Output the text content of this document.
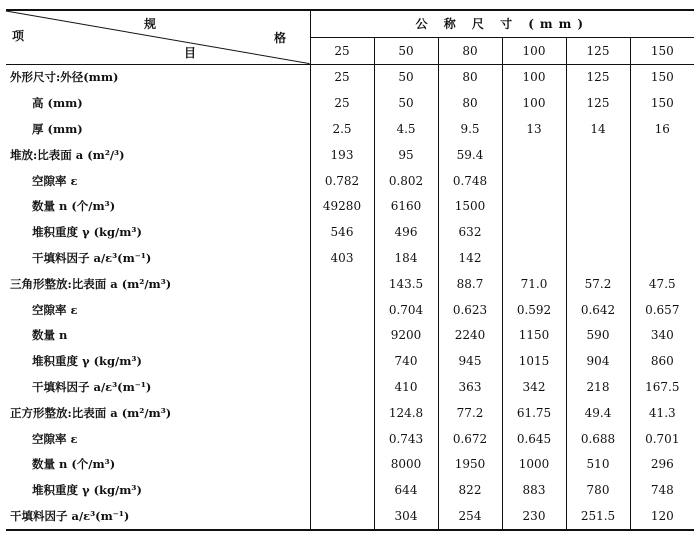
项
规
格
目	公 称 尺 寸 (mm)					
	25	50	80	100	125	150
外形尺寸:外径(mm)	25	50	80	100	125	150
高 (mm)	25	50	80	100	125	150
厚 (mm)	2.5	4.5	9.5	13	14	16
堆放:比表面 a (m²/³)	193	95	59.4			
空隙率 ε	0.782	0.802	0.748			
数量 n (个/m³)	49280	6160	1500			
堆积重度 γ (kg/m³)	546	496	632			
干填料因子 a/ε³(m⁻¹)	403	184	142			
三角形整放:比表面 a (m²/m³)		143.5	88.7	71.0	57.2	47.5
空隙率 ε		0.704	0.623	0.592	0.642	0.657
数量 n		9200	2240	1150	590	340
堆积重度 γ (kg/m³)		740	945	1015	904	860
干填料因子 a/ε³(m⁻¹)		410	363	342	218	167.5
正方形整放:比表面 a (m²/m³)		124.8	77.2	61.75	49.4	41.3
空隙率 ε		0.743	0.672	0.645	0.688	0.701
数量 n (个/m³)		8000	1950	1000	510	296
堆积重度 γ (kg/m³)		644	822	883	780	748
干填料因子 a/ε³(m⁻¹)		304	254	230	251.5	120
